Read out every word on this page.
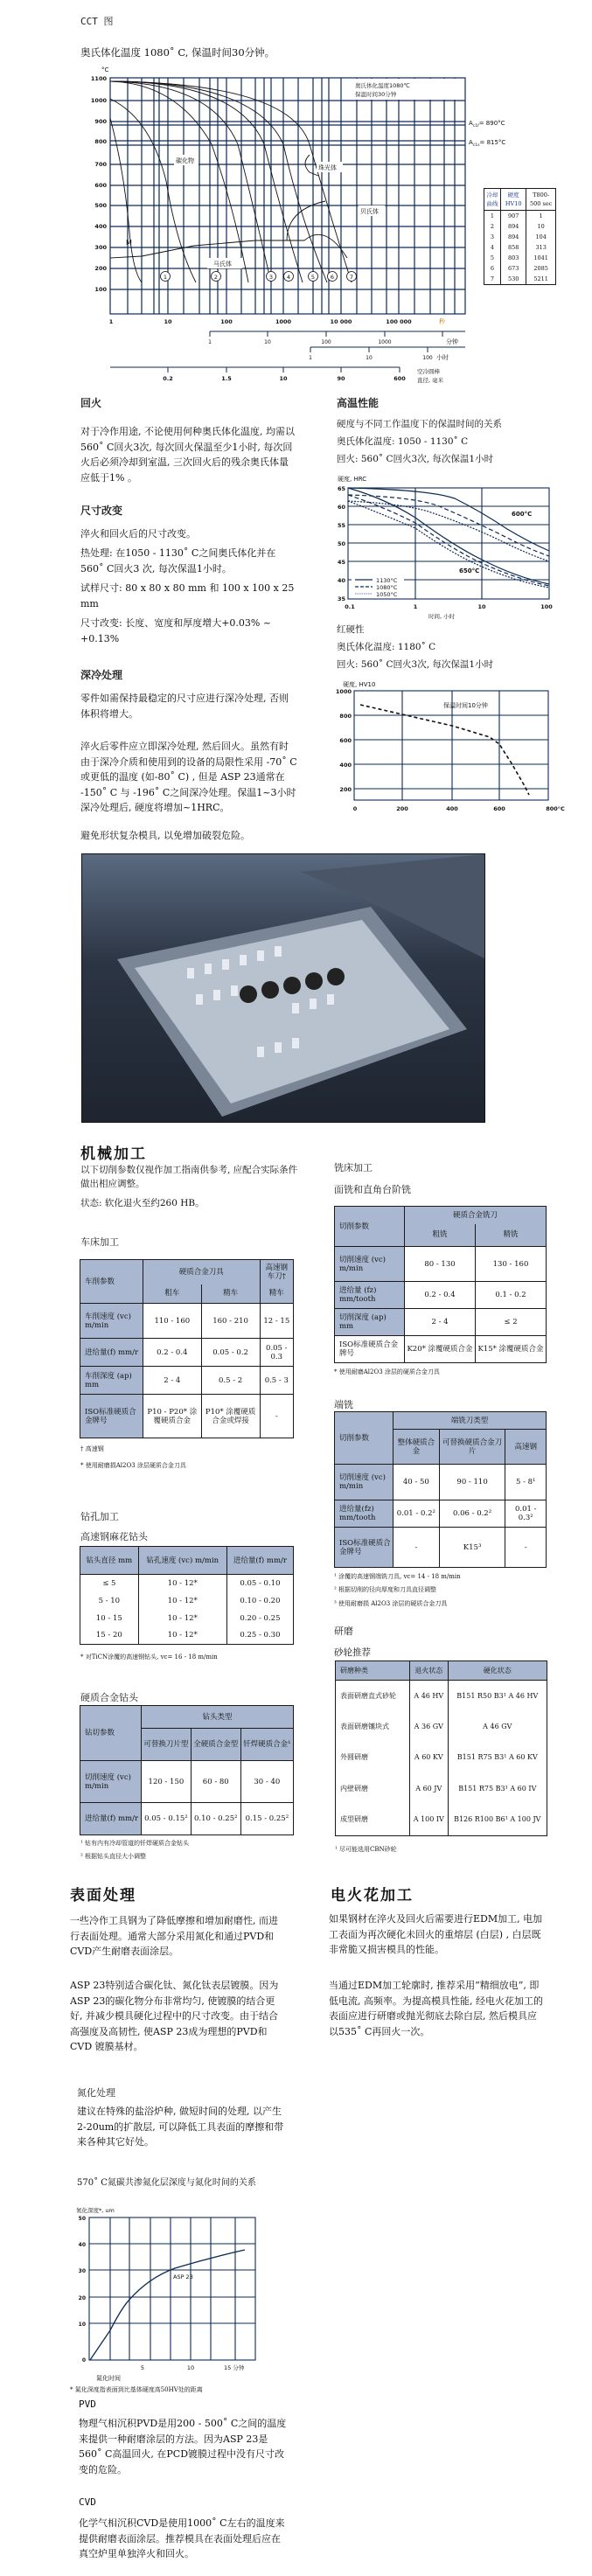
CCT 图
奥氏体化温度 1080˚ C, 保温时间30分钟。
奥氏体化温度1080℃
保温时间30分钟
碳化物
珠光体
贝氏体
马氏体
M
1	2	3 4	5	6	7
1100
1000
900
800
700
600
500
400
300
200
100
°C
$A_{c1f}= 890^\circ C$
$A_{c1s}= 815^\circ C$
1	10	100	1000	10 000	100 000	秒
1	10	100	1000	分钟
1	10	100 小时
0.2	1.5	10	90	600
空冷圆棒
直径, 毫米
冷却曲线	硬度 HV10	T800-500 sec
1	907	1
2	894	10
3	894	104
4	858	313
5	803	1041
6	673	2085
7	530	5211
回火
对于冷作用途, 不论使用何种奥氏体化温度, 均需以560˚ C回火3次, 每次回火保温至少1小时, 每次回火后必须冷却到室温, 三次回火后的残余奥氏体量应低于1% 。
尺寸改变
淬火和回火后的尺寸改变。
热处理: 在1050 - 1130˚ C之间奥氏体化并在560˚ C回火3 次, 每次保温1小时。
试样尺寸: 80 x 80 x 80 mm 和 100 x 100 x 25 mm
尺寸改变: 长度、宽度和厚度增大+0.03% ~ +0.13%
深冷处理
零件如需保持最稳定的尺寸应进行深冷处理, 否则体积将增大。
淬火后零件应立即深冷处理, 然后回火。虽然有时由于深冷介质和使用到的设备的局限性采用 -70˚ C或更低的温度 (如-80˚ C) , 但是 ASP 23通常在 -150˚ C 与 -196˚ C之间深冷处理。保温1~3小时深冷处理后, 硬度将增加~1HRC。
避免形状复杂模具, 以免增加破裂危险。
高温性能
硬度与不同工作温度下的保温时间的关系
奥氏体化温度: 1050 - 1130˚ C
回火: 560˚ C回火3次, 每次保温1小时
硬度, HRC
600°C
650°C
1130°C
1080°C
1050°C
65
60
55
50
45
40
35
0.1	1	10	100
时间, 小时
红硬性
奥氏体化温度: 1180˚ C
回火: 560˚ C回火3次, 每次保温1小时
硬度, HV10
保温时间10分钟
1000
800
600
400
200
0	200	400	600	800°C
机械加工
以下切削参数仅视作加工指南供参考, 应配合实际条件做出相应调整。
状态: 软化退火至约260 HB。
车床加工
车削参数	硬质合金刀具		高速钢车刀†
	粗车	精车	精车
车削速度 (vc) m/min	110 - 160	160 - 210	12 - 15
进给量(f) mm/r	0.2 - 0.4	0.05 - 0.2	0.05 - 0.3
车削深度 (ap) mm	2 - 4	0.5 - 2	0.5 - 3
ISO标准硬质合金牌号	P10 - P20* 涂覆硬质合金	P10* 涂覆硬质合金或焊接	-
† 高速钢
* 使用耐磨损Al2O3 涂层硬质合金刀具
钻孔加工
高速钢麻花钻头
钻头直径 mm	钻孔速度 (vc) m/min	进给量(f) mm/r
≤ 5	10 - 12*	0.05 - 0.10
5 - 10	10 - 12*	0.10 - 0.20
10 - 15	10 - 12*	0.20 - 0.25
15 - 20	10 - 12*	0.25 - 0.30
* 对TiCN涂覆的高速钢钻头, vc= 16 - 18 m/min
硬质合金钻头
钻切参数	钻头类型		
	可替换刀片型	全硬质合金型	钎焊硬质合金¹
切削速度 (vc) m/min	120 - 150	60 - 80	30 - 40
进给量(f) mm/r	0.05 - 0.15²	0.10 - 0.25²	0.15 - 0.25²
¹ 钻有内有冷却管道的钎焊硬质合金钻头
² 根据钻头直径大小调整
铣床加工
面铣和直角台阶铣
切削参数	硬质合金铣刀	
	粗铣	精铣
切削速度 (vc) m/min	80 - 130	130 - 160
进给量 (fz) mm/tooth	0.2 - 0.4	0.1 - 0.2
切削深度 (ap) mm	2 - 4	≤ 2
ISO标准硬质合金牌号	K20* 涂覆硬质合金	K15* 涂覆硬质合金
* 使用耐磨Al2O3 涂层的硬质合金刀具
端铣
切削参数	端铣刀类型		
	整体硬质合金	可替换硬质合金刀片	高速钢
切削速度 (vc) m/min	40 - 50	90 - 110	5 - 8¹
进给量(fz) mm/tooth	0.01 - 0.2²	0.06 - 0.2²	0.01 - 0.3²
ISO标准硬质合金牌号	-	K15³	-
¹ 涂覆的高速钢端铣刀具, vc= 14 - 18 m/min
² 根据切削的径向厚度和刀具直径调整
³ 使用耐磨损 Al2O3 涂层的硬质合金刀具
研磨
砂轮推荐
研磨种类	退火状态	硬化状态
表面研磨直式砂轮	A 46 HV	B151 R50 B3¹ A 46 HV
表面研磨镶块式	A 36 GV	A 46 GV
外圆研磨	A 60 KV	B151 R75 B3¹ A 60 KV
内壁研磨	A 60 JV	B151 R75 B3¹ A 60 IV
成型研磨	A 100 IV	B126 R100 B6¹ A 100 JV
¹ 尽可能选用CBN砂轮
表面处理
一些冷作工具钢为了降低摩擦和增加耐磨性, 而进行表面处理。通常大部分采用氮化和通过PVD和CVD产生耐磨表面涂层。
ASP 23特别适合碳化钛、氮化钛表层镀膜。因为ASP 23的碳化物分布非常均匀, 使镀膜的结合更好, 并减少模具硬化过程中的尺寸改变。由于结合高强度及高韧性, 使ASP 23成为理想的PVD和CVD 镀膜基材。
氮化处理
建议在特殊的盐浴炉种, 做短时间的处理, 以产生2-20um的扩散层, 可以降低工具表面的摩擦和带来各种其它好处。
570˚ C氮碳共渗氮化层深度与氮化时间的关系
氮化深度*, um
ASP 23
50
40
30
20
10
0
5	10	15 分钟
氮化时间
* 氮化深度指表面到比基体硬度高50HV处的距离
PVD
物理气相沉积PVD是用200 - 500˚ C之间的温度来提供一种耐磨涂层的方法。因为ASP 23是560˚ C高温回火, 在PCD镀膜过程中没有尺寸改变的危险。
CVD
化学气相沉积CVD是使用1000˚ C左右的温度来提供耐磨表面涂层。推荐模具在表面处理后应在真空炉里单独淬火和回火。
电火花加工
如果钢材在淬火及回火后需要进行EDM加工, 电加工表面为再次硬化未回火的重熔层 (白层) , 白层既非常脆又损害模具的性能。
当通过EDM加工轮廓时, 推荐采用“精细放电”, 即低电流, 高频率。为提高模具性能, 经电火花加工的表面应进行研磨或抛光彻底去除白层, 然后模具应以535˚ C再回火一次。
